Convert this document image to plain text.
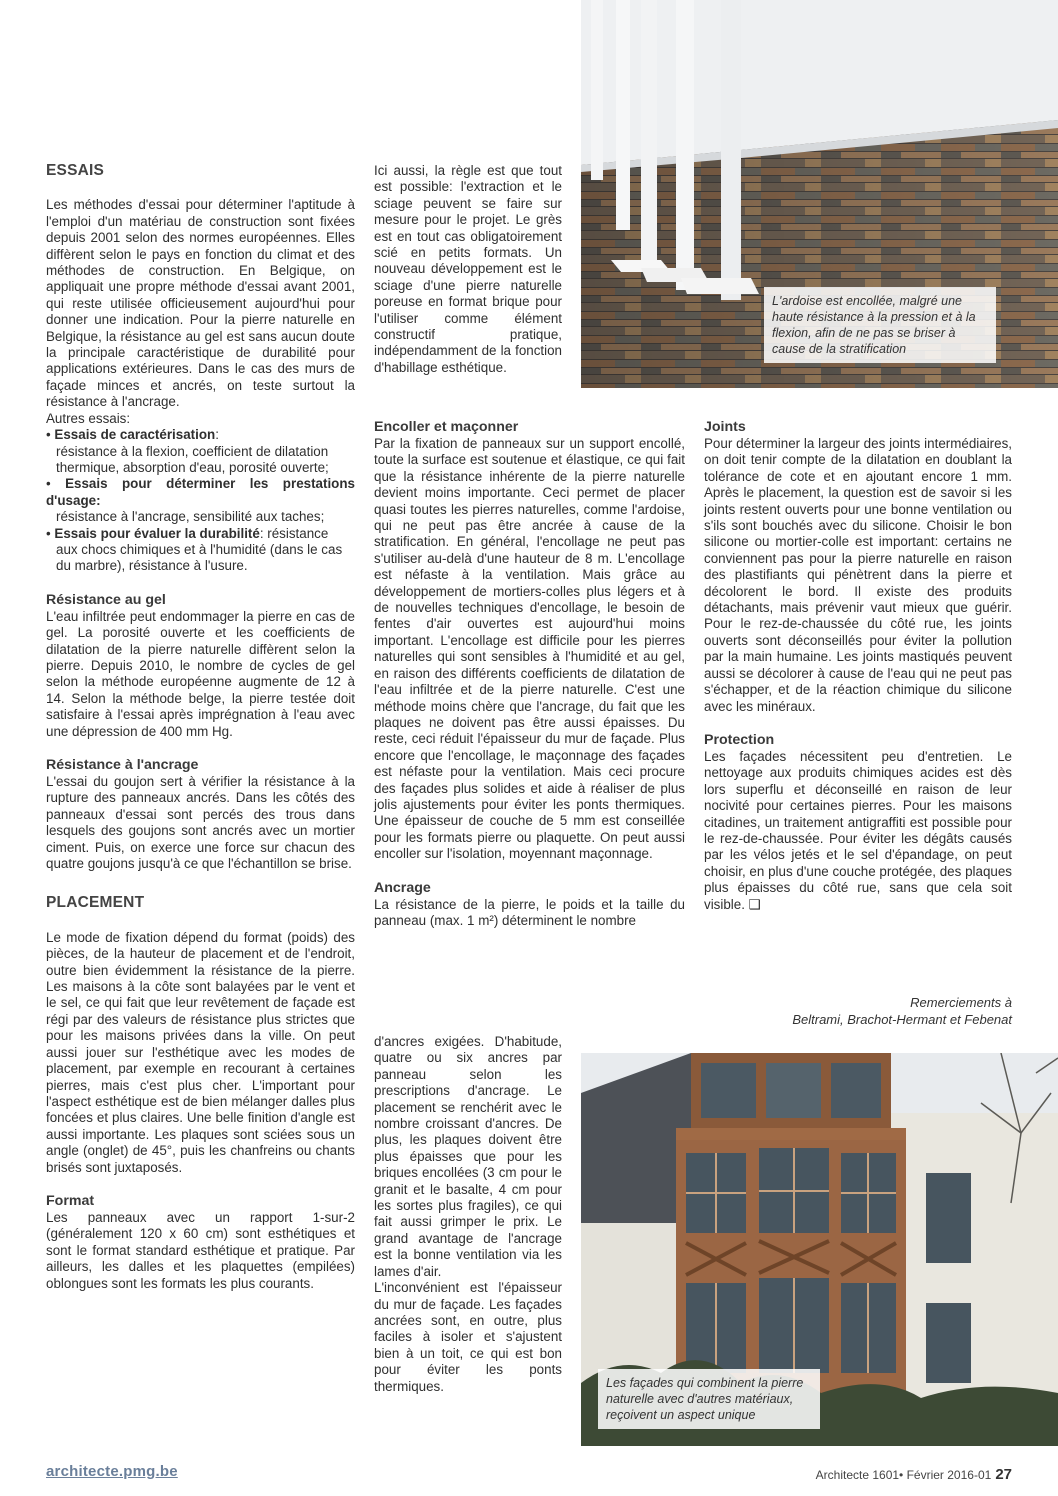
L'ardoise est encollée, malgré une haute résistance à la pression et à la flexion, afin de ne pas se briser à cause de la stratification
Les façades qui combinent la pierre naturelle avec d'autres matériaux, reçoivent un aspect unique
ESSAIS

Les méthodes d'essai pour déterminer l'aptitude à l'emploi d'un matériau de construction sont fixées depuis 2001 selon des normes européennes. Elles diffèrent selon le pays en fonction du climat et des méthodes de construction. En Belgique, on appliquait une propre méthode d'essai avant 2001, qui reste utilisée officieusement aujourd'hui pour donner une indication. Pour la pierre naturelle en Belgique, la résistance au gel est sans aucun doute la principale caractéristique de durabilité pour applications extérieures. Dans le cas des murs de façade minces et ancrés, on teste surtout la résistance à l'ancrage.

Autres essais:

• Essais de caractérisation:
résistance à la flexion, coefficient de dilatation thermique, absorption d'eau, porosité ouverte;
• Essais pour déterminer les prestations d'usage:
résistance à l'ancrage, sensibilité aux taches;
• Essais pour évaluer la durabilité: résistance
aux chocs chimiques et à l'humidité (dans le cas du marbre), résistance à l'usure.
Résistance au gel

L'eau infiltrée peut endommager la pierre en cas de gel. La porosité ouverte et les coefficients de dilatation de la pierre naturelle diffèrent selon la pierre. Depuis 2010, le nombre de cycles de gel selon la méthode européenne augmente de 12 à 14. Selon la méthode belge, la pierre testée doit satisfaire à l'essai après imprégnation à l'eau avec une dépression de 400 mm Hg.

Résistance à l'ancrage

L'essai du goujon sert à vérifier la résistance à la rupture des panneaux ancrés. Dans les côtés des panneaux d'essai sont percés des trous dans lesquels des goujons sont ancrés avec un mortier ciment. Puis, on exerce une force sur chacun des quatre goujons jusqu'à ce que l'échantillon se brise.

PLACEMENT

Le mode de fixation dépend du format (poids) des pièces, de la hauteur de placement et de l'endroit, outre bien évidemment la résistance de la pierre. Les maisons à la côte sont balayées par le vent et le sel, ce qui fait que leur revêtement de façade est régi par des valeurs de résistance plus strictes que pour les maisons privées dans la ville. On peut aussi jouer sur l'esthétique avec les modes de placement, par exemple en recourant à certaines pierres, mais c'est plus cher. L'important pour l'aspect esthétique est de bien mélanger dalles plus foncées et plus claires. Une belle finition d'angle est aussi importante. Les plaques sont sciées sous un angle (onglet) de 45°, puis les chanfreins ou chants brisés sont juxtaposés.

Format

Les panneaux avec un rapport 1-sur-2 (généralement 120 x 60 cm) sont esthétiques et sont le format standard esthétique et pratique. Par ailleurs, les dalles et les plaquettes (empilées) oblongues sont les formats les plus courants.

Ici aussi, la règle est que tout est possible: l'extraction et le sciage peuvent se faire sur mesure pour le projet. Le grès est en tout cas obligatoirement scié en petits formats. Un nouveau développement est le sciage d'une pierre naturelle poreuse en format brique pour l'utiliser comme élément constructif pratique, indépendamment de la fonction d'habillage esthétique.

Encoller et maçonner

Par la fixation de panneaux sur un support encollé, toute la surface est soutenue et élastique, ce qui fait que la résistance inhérente de la pierre naturelle devient moins importante. Ceci permet de placer quasi toutes les pierres naturelles, comme l'ardoise, qui ne peut pas être ancrée à cause de la stratification. En général, l'encollage ne peut pas s'utiliser au-delà d'une hauteur de 8 m. L'encollage est néfaste à la ventilation. Mais grâce au développement de mortiers-colles plus légers et à de nouvelles techniques d'encollage, le besoin de fentes d'air ouvertes est aujourd'hui moins important. L'encollage est difficile pour les pierres naturelles qui sont sensibles à l'humidité et au gel, en raison des différents coefficients de dilatation de l'eau infiltrée et de la pierre naturelle. C'est une méthode moins chère que l'ancrage, du fait que les plaques ne doivent pas être aussi épaisses. Du reste, ceci réduit l'épaisseur du mur de façade. Plus encore que l'encollage, le maçonnage des façades est néfaste pour la ventilation. Mais ceci procure des façades plus solides et aide à réaliser de plus jolis ajustements pour éviter les ponts thermiques. Une épaisseur de couche de 5 mm est conseillée pour les formats pierre ou plaquette. On peut aussi encoller sur l'isolation, moyennant maçonnage.

Ancrage

La résistance de la pierre, le poids et la taille du panneau (max. 1 m²) déterminent le nombre

d'ancres exigées. D'habitude, quatre ou six ancres par panneau selon les prescriptions d'ancrage. Le placement se renchérit avec le nombre croissant d'ancres. De plus, les plaques doivent être plus épaisses que pour les briques encollées (3 cm pour le granit et le basalte, 4 cm pour les sortes plus fragiles), ce qui fait aussi grimper le prix. Le grand avantage de l'ancrage est la bonne ventilation via les lames d'air.

L'inconvénient est l'épaisseur du mur de façade. Les façades ancrées sont, en outre, plus faciles à isoler et s'ajustent bien à un toit, ce qui est bon pour éviter les ponts thermiques.

Joints

Pour déterminer la largeur des joints intermédiaires, on doit tenir compte de la dilatation en doublant la tolérance de cote et en ajoutant encore 1 mm. Après le placement, la question est de savoir si les joints restent ouverts pour une bonne ventilation ou s'ils sont bouchés avec du silicone. Choisir le bon silicone ou mortier-colle est important: certains ne conviennent pas pour la pierre naturelle en raison des plastifiants qui pénètrent dans la pierre et décolorent le bord. Il existe des produits détachants, mais prévenir vaut mieux que guérir. Pour le rez-de-chaussée du côté rue, les joints ouverts sont déconseillés pour éviter la pollution par la main humaine. Les joints mastiqués peuvent aussi se décolorer à cause de l'eau qui ne peut pas s'échapper, et de la réaction chimique du silicone avec les minéraux.

Protection

Les façades nécessitent peu d'entretien. Le nettoyage aux produits chimiques acides est dès lors superflu et déconseillé en raison de leur nocivité pour certaines pierres. Pour les maisons citadines, un traitement antigraffiti est possible pour le rez-de-chaussée. Pour éviter les dégâts causés par les vélos jetés et le sel d'épandage, on peut choisir, en plus d'une couche protégée, des plaques plus épaisses du côté rue, sans que cela soit visible. ❑

Remerciements à
Beltrami, Brachot-Hermant et Febenat
architecte.pmg.be	Architecte 1601• Février 2016-01 27
